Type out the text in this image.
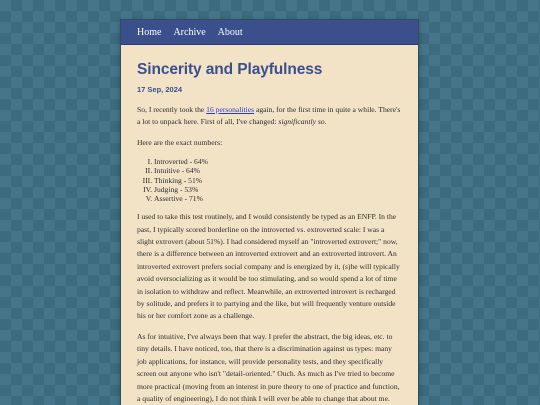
Home Archive About
Sincerity and Playfulness
17 Sep, 2024

So, I recently took the 16 personalities again, for the first time in quite a while. There's a lot to unpack here. First of all, I've changed: significantly so.

Here are the exact numbers:

I. Introverted - 64%
II. Intuitive - 64%
III. Thinking - 51%
IV. Judging - 53%
V. Assertive - 71%

I used to take this test routinely, and I would consistently be typed as an ENFP. In the past, I typically scored borderline on the introverted vs. extroverted scale: I was a slight extrovert (about 51%). I had considered myself an "introverted extrovert;" now, there is a difference between an introverted extrovert and an extroverted introvert. An introverted extrovert prefers social company and is energized by it, (s)he will typically avoid oversocializing as it would be too stimulating, and so would spend a lot of time in isolation to withdraw and reflect. Meanwhile, an extroverted introvert is recharged by solitude, and prefers it to partying and the like, but will frequently venture outside his or her comfort zone as a challenge.

As for intuitive, I've always been that way. I prefer the abstract, the big ideas, etc. to tiny details. I have noticed, too, that there is a discrimination against us types: many job applications, for instance, will provide personality tests, and they specifically screen out anyone who isn't "detail-oriented." Ouch. As much as I've tried to become more practical (moving from an interest in pure theory to one of practice and function, a quality of engineering), I do not think I will ever be able to change that about me.
